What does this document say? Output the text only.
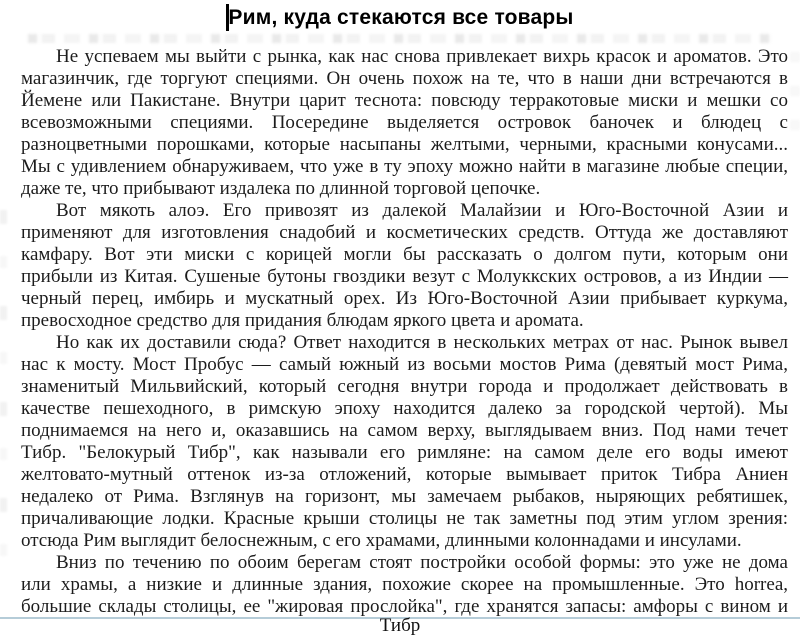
Рим, куда стекаются все товары
Не успеваем мы выйти с рынка, как нас снова привлекает вихрь красок и ароматов. Это
магазинчик, где торгуют специями. Он очень похож на те, что в наши дни встречаются в
Йемене или Пакистане. Внутри царит теснота: повсюду терракотовые миски и мешки со
всевозможными специями. Посередине выделяется островок баночек и блюдец с
разноцветными порошками, которые насыпаны желтыми, черными, красными конусами...
Мы с удивлением обнаруживаем, что уже в ту эпоху можно найти в магазине любые специи,
даже те, что прибывают издалека по длинной торговой цепочке.
Вот мякоть алоэ. Его привозят из далекой Малайзии и Юго-Восточной Азии и
применяют для изготовления снадобий и косметических средств. Оттуда же доставляют
камфару. Вот эти миски с корицей могли бы рассказать о долгом пути, которым они
прибыли из Китая. Сушеные бутоны гвоздики везут с Молуккских островов, а из Индии —
черный перец, имбирь и мускатный орех. Из Юго-Восточной Азии прибывает куркума,
превосходное средство для придания блюдам яркого цвета и аромата.
Но как их доставили сюда? Ответ находится в нескольких метрах от нас. Рынок вывел
нас к мосту. Мост Пробус — самый южный из восьми мостов Рима (девятый мост Рима,
знаменитый Мильвийский, который сегодня внутри города и продолжает действовать в
качестве пешеходного, в римскую эпоху находится далеко за городской чертой). Мы
поднимаемся на него и, оказавшись на самом верху, выглядываем вниз. Под нами течет
Тибр. "Белокурый Тибр", как называли его римляне: на самом деле его воды имеют
желтовато-мутный оттенок из-за отложений, которые вымывает приток Тибра Аниен
недалеко от Рима. Взглянув на горизонт, мы замечаем рыбаков, ныряющих ребятишек,
причаливающие лодки. Красные крыши столицы не так заметны под этим углом зрения:
отсюда Рим выглядит белоснежным, с его храмами, длинными колоннадами и инсулами.
Вниз по течению по обоим берегам стоят постройки особой формы: это уже не дома
или храмы, а низкие и длинные здания, похожие скорее на промышленные. Это horrea,
большие склады столицы, ее "жировая прослойка", где хранятся запасы: амфоры с вином и
Тибр
